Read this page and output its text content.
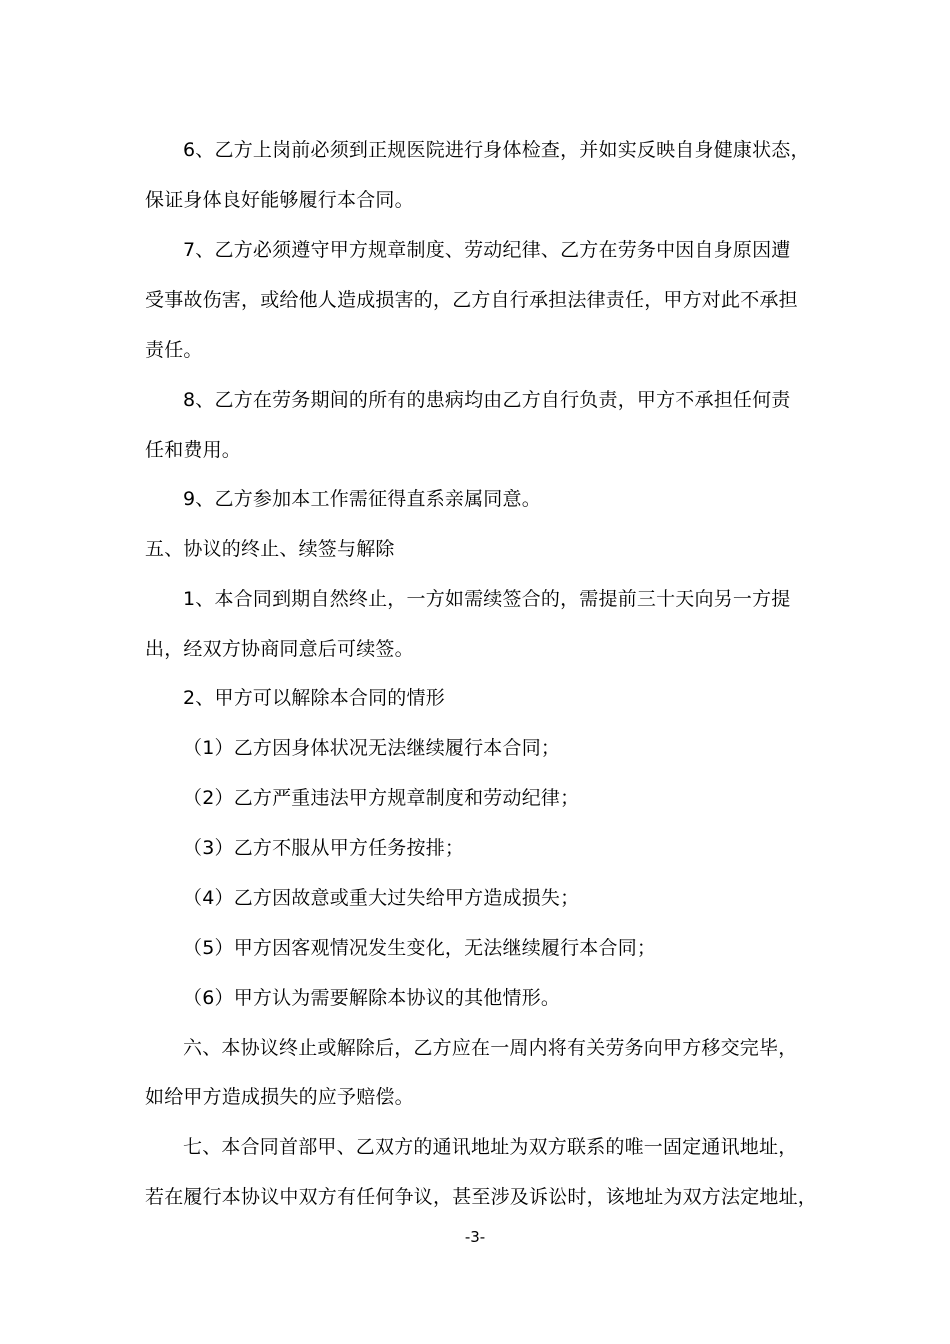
6、乙方上岗前必须到正规医院进行身体检查，并如实反映自身健康状态，
保证身体良好能够履行本合同。
7、乙方必须遵守甲方规章制度、劳动纪律、乙方在劳务中因自身原因遭
受事故伤害，或给他人造成损害的，乙方自行承担法律责任，甲方对此不承担
责任。
8、乙方在劳务期间的所有的患病均由乙方自行负责，甲方不承担任何责
任和费用。
9、乙方参加本工作需征得直系亲属同意。
五、协议的终止、续签与解除
1、本合同到期自然终止，一方如需续签合的，需提前三十天向另一方提
出，经双方协商同意后可续签。
2、甲方可以解除本合同的情形
（1）乙方因身体状况无法继续履行本合同；
（2）乙方严重违法甲方规章制度和劳动纪律；
（3）乙方不服从甲方任务按排；
（4）乙方因故意或重大过失给甲方造成损失；
（5）甲方因客观情况发生变化，无法继续履行本合同；
（6）甲方认为需要解除本协议的其他情形。
六、本协议终止或解除后，乙方应在一周内将有关劳务向甲方移交完毕，
如给甲方造成损失的应予赔偿。
七、本合同首部甲、乙双方的通讯地址为双方联系的唯一固定通讯地址，
若在履行本协议中双方有任何争议，甚至涉及诉讼时，该地址为双方法定地址，
-3-
